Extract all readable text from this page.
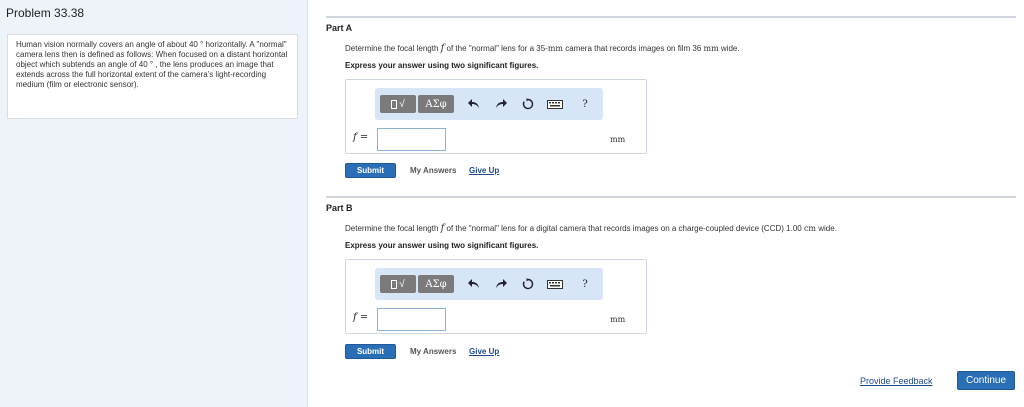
Problem 33.38
Human vision normally covers an angle of about 40 ° horizontally. A "normal" camera lens then is defined as follows: When focused on a distant horizontal object which subtends an angle of 40 ° , the lens produces an image that extends across the full horizontal extent of the camera's light-recording medium (film or electronic sensor).
Part A
Determine the focal length f of the "normal" lens for a 35-mm camera that records images on film 36 mm wide.
Express your answer using two significant figures.
√	ΑΣφ	?
f =	mm
Submit	My Answers Give Up
Part B
Determine the focal length f of the "normal" lens for a digital camera that records images on a charge-coupled device (CCD) 1.00 cm wide.
Express your answer using two significant figures.
√	ΑΣφ	?
f =	mm
Submit	My Answers Give Up
Provide Feedback	Continue
